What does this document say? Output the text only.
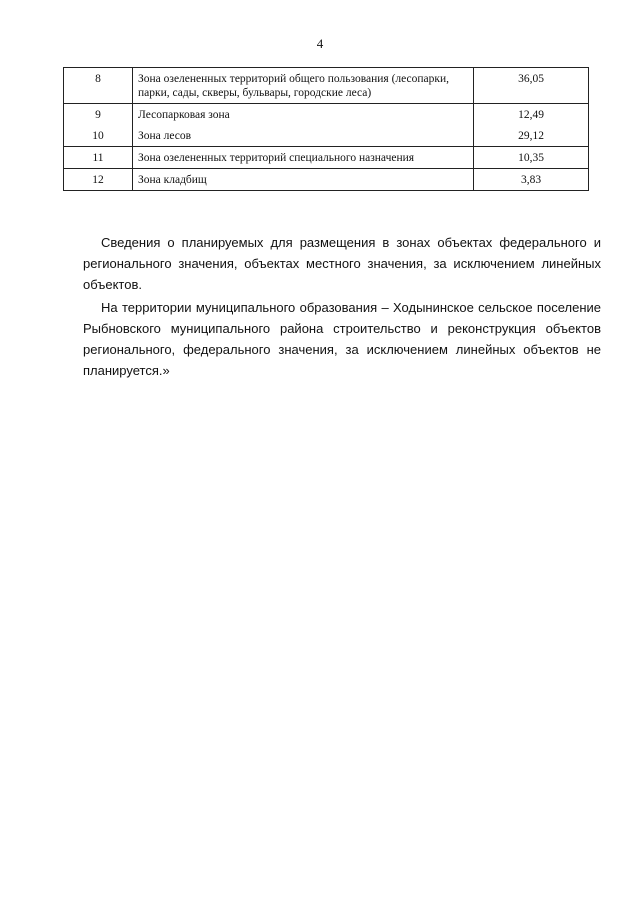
4
8	Зона озелененных территорий общего пользования (лесопарки, парки, сады, скверы, бульвары, городские леса)	36,05
9	Лесопарковая зона	12,49
10	Зона лесов	29,12
11	Зона озелененных территорий специального назначения	10,35
12	Зона кладбищ	3,83

Сведения о планируемых для размещения в зонах объектах федерального и регионального значения, объектах местного значения, за исключением линейных объектов.

На территории муниципального образования – Ходынинское сельское поселение Рыбновского муниципального района строительство и реконструкция объектов регионального, федерального значения, за исключением линейных объектов не планируется.»
